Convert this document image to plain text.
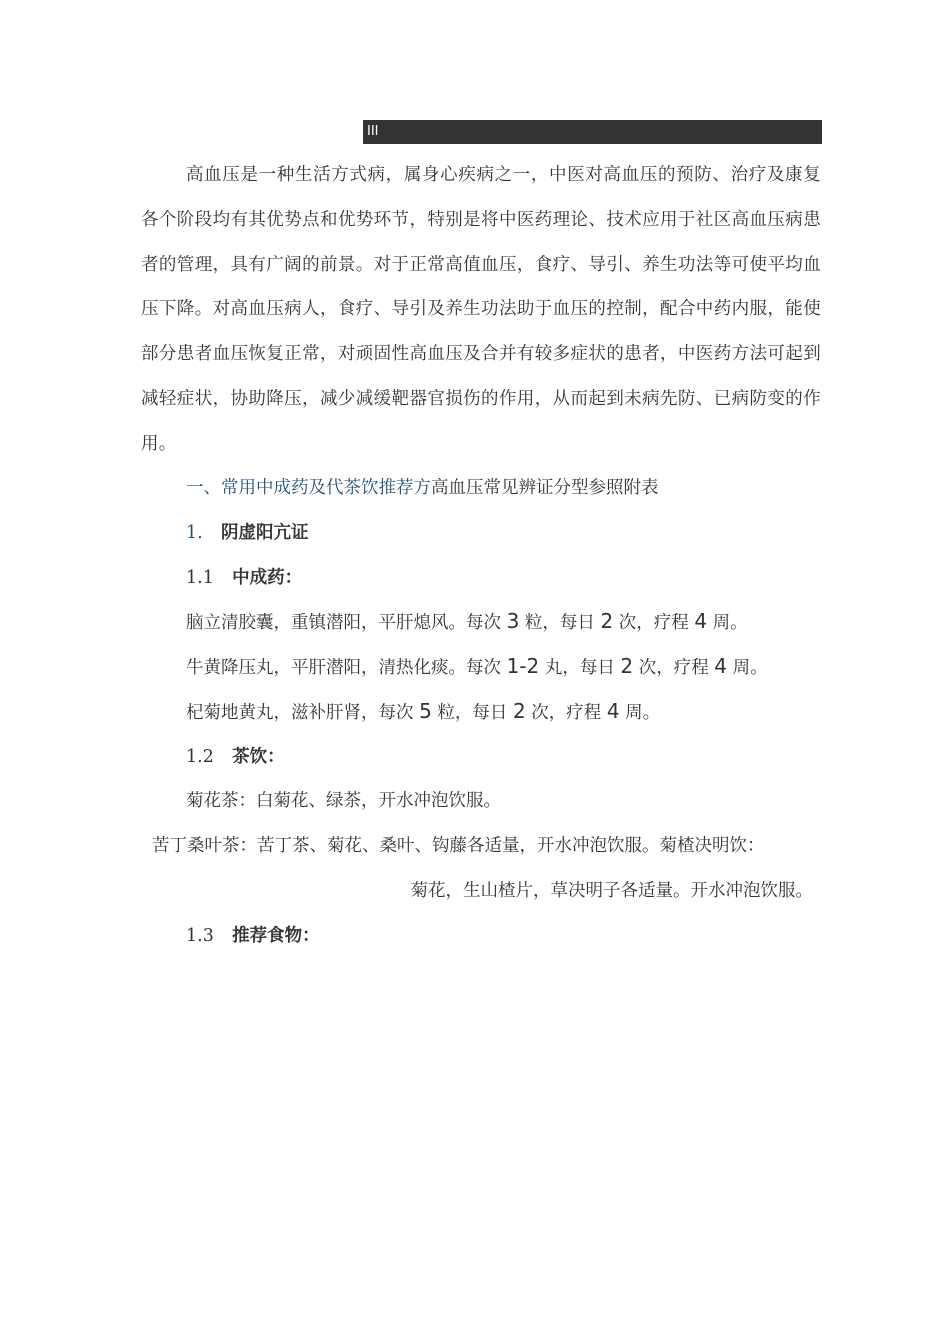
III

高血压是一种生活方式病，属身心疾病之一，中医对高血压的预防、治疗及康复各个阶段均有其优势点和优势环节，特别是将中医药理论、技术应用于社区高血压病患者的管理，具有广阔的前景。对于正常高值血压，食疗、导引、养生功法等可使平均血压下降。对高血压病人，食疗、导引及养生功法助于血压的控制，配合中药内服，能使部分患者血压恢复正常，对顽固性高血压及合并有较多症状的患者，中医药方法可起到减轻症状，协助降压，减少减缓靶器官损伤的作用，从而起到未病先防、已病防变的作用。

一、常用中成药及代茶饮推荐方高血压常见辨证分型参照附表
1. 阴虚阳亢证
1.1 中成药：
脑立清胶囊，重镇潜阳，平肝熄风。每次 3 粒，每日 2 次，疗程 4 周。
牛黄降压丸，平肝潜阳，清热化痰。每次 1-2 丸，每日 2 次，疗程 4 周。
杞菊地黄丸，滋补肝肾，每次 5 粒，每日 2 次，疗程 4 周。
1.2 茶饮：
菊花茶：白菊花、绿茶，开水冲泡饮服。
苦丁桑叶茶：苦丁茶、菊花、桑叶、钩藤各适量，开水冲泡饮服。菊楂决明饮：
菊花，生山楂片，草决明子各适量。开水冲泡饮服。
1.3 推荐食物：
